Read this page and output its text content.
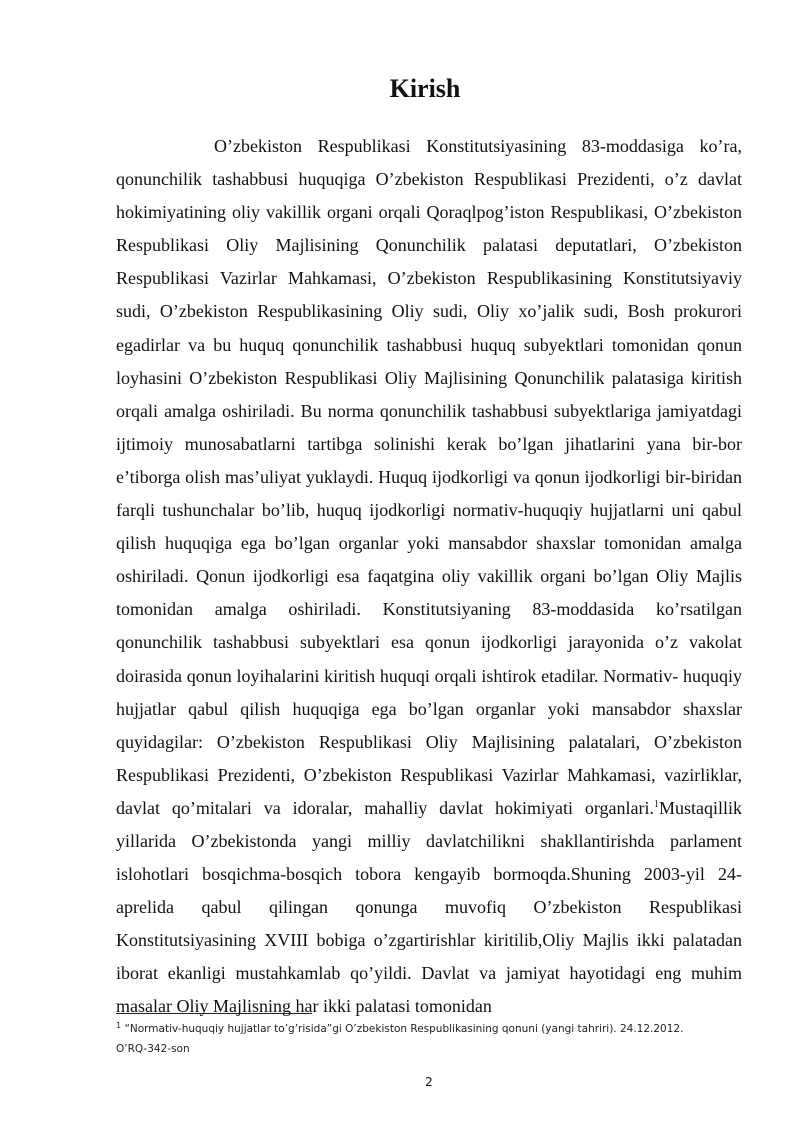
Kirish

O’zbekiston Respublikasi Konstitutsiyasining 83-moddasiga ko’ra, qonunchilik tashabbusi huquqiga O’zbekiston Respublikasi Prezidenti, o’z davlat hokimiyatining oliy vakillik organi orqali Qoraqlpog’iston Respublikasi, O’zbekiston Respublikasi Oliy Majlisining Qonunchilik palatasi deputatlari, O’zbekiston Respublikasi Vazirlar Mahkamasi, O’zbekiston Respublikasining Konstitutsiyaviy sudi, O’zbekiston Respublikasining Oliy sudi, Oliy xo’jalik sudi, Bosh prokurori egadirlar va bu huquq qonunchilik tashabbusi huquq subyektlari tomonidan qonun loyhasini O’zbekiston Respublikasi Oliy Majlisining Qonunchilik palatasiga kiritish orqali amalga oshiriladi. Bu norma qonunchilik tashabbusi subyektlariga jamiyatdagi ijtimoiy munosabatlarni tartibga solinishi kerak bo’lgan jihatlarini yana bir-bor e’tiborga olish mas’uliyat yuklaydi. Huquq ijodkorligi va qonun ijodkorligi bir-biridan farqli tushunchalar bo’lib, huquq ijodkorligi normativ-huquqiy hujjatlarni uni qabul qilish huquqiga ega bo’lgan organlar yoki mansabdor shaxslar tomonidan amalga oshiriladi. Qonun ijodkorligi esa faqatgina oliy vakillik organi bo’lgan Oliy Majlis tomonidan amalga oshiriladi. Konstitutsiyaning 83-moddasida ko’rsatilgan qonunchilik tashabbusi subyektlari esa qonun ijodkorligi jarayonida o’z vakolat doirasida qonun loyihalarini kiritish huquqi orqali ishtirok etadilar. Normativ- huquqiy hujjatlar qabul qilish huquqiga ega bo’lgan organlar yoki mansabdor shaxslar quyidagilar: O’zbekiston Respublikasi Oliy Majlisining palatalari, O’zbekiston Respublikasi Prezidenti, O’zbekiston Respublikasi Vazirlar Mahkamasi, vazirliklar, davlat qo’mitalari va idoralar, mahalliy davlat hokimiyati organlari.$^1$Mustaqillik yillarida O’zbekistonda yangi milliy davlatchilikni shakllantirishda parlament islohotlari bosqichma-bosqich tobora kengayib bormoqda.Shuning 2003-yil 24- aprelida qabul qilingan qonunga muvofiq O’zbekiston Respublikasi Konstitutsiyasining XVIII bobiga o’zgartirishlar kiritilib,Oliy Majlis ikki palatadan iborat ekanligi mustahkamlab qo’yildi. Davlat va jamiyat hayotidagi eng muhim masalar Oliy Majlisning har ikki palatasi tomonidan

$^1$ “Normativ-huquqiy hujjatlar to’g’risida”gi O’zbekiston Respublikasining qonuni (yangi tahriri). 24.12.2012. O’RQ-342-son
2
